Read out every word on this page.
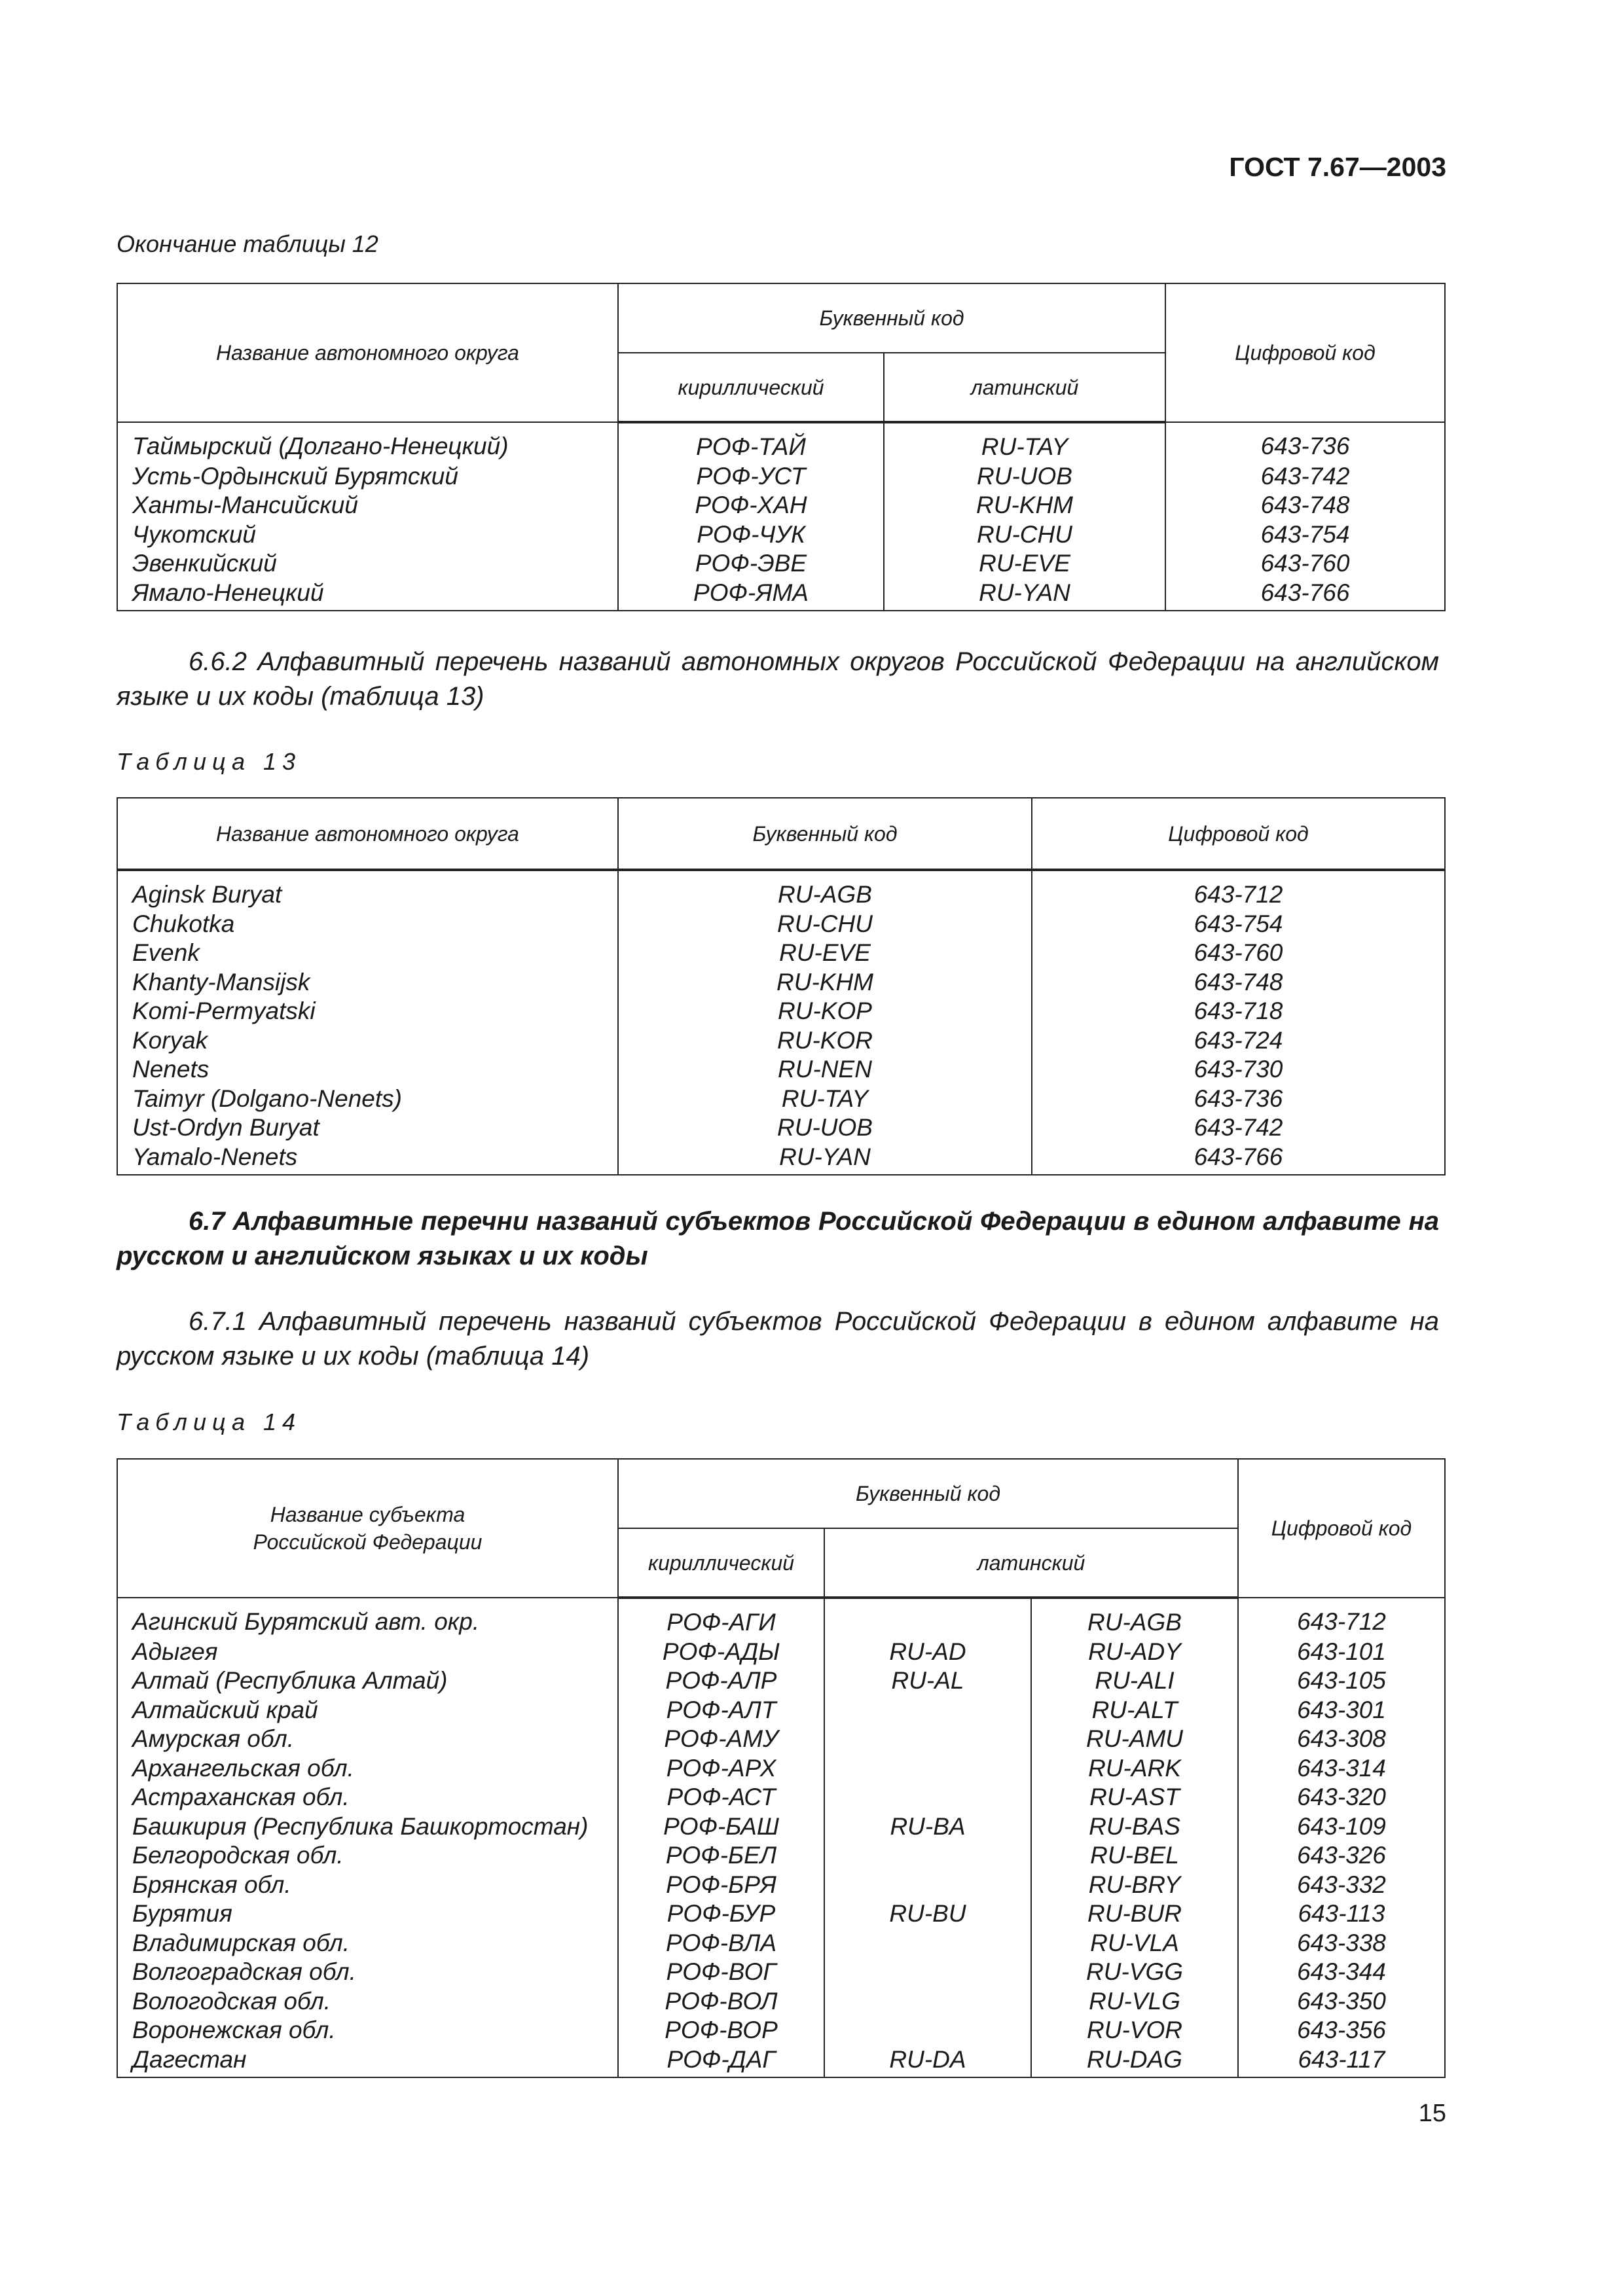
ГОСТ 7.67—2003
Окончание таблицы 12
Название автономного округа	Буквенный код		Цифровой код
	кириллический	латинский	
Таймырский (Долгано-Ненецкий)	РОФ-ТАЙ	RU-TAY	643-736
Усть-Ордынский Бурятский	РОФ-УСТ	RU-UOB	643-742
Ханты-Мансийский	РОФ-ХАН	RU-KHM	643-748
Чукотский	РОФ-ЧУК	RU-CHU	643-754
Эвенкийский	РОФ-ЭВЕ	RU-EVE	643-760
Ямало-Ненецкий	РОФ-ЯМА	RU-YAN	643-766
6.6.2 Алфавитный перечень названий автономных округов Российской Федерации на английском языке и их коды (таблица 13)
Таблица 13
Название автономного округа	Буквенный код	Цифровой код
Aginsk Buryat	RU-AGB	643-712
Chukotka	RU-CHU	643-754
Evenk	RU-EVE	643-760
Khanty-Mansijsk	RU-KHM	643-748
Komi-Permyatski	RU-KOP	643-718
Koryak	RU-KOR	643-724
Nenets	RU-NEN	643-730
Taimyr (Dolgano-Nenets)	RU-TAY	643-736
Ust-Ordyn Buryat	RU-UOB	643-742
Yamalo-Nenets	RU-YAN	643-766
6.7 Алфавитные перечни названий субъектов Российской Федерации в едином алфавите на русском и английском языках и их коды
6.7.1 Алфавитный перечень названий субъектов Российской Федерации в едином алфавите на русском языке и их коды (таблица 14)
Таблица 14
Название субъекта Российской Федерации	Буквенный код			Цифровой код
	кириллический	латинский		
Агинский Бурятский авт. окр.	РОФ-АГИ		RU-AGB	643-712
Адыгея	РОФ-АДЫ	RU-AD	RU-ADY	643-101
Алтай (Республика Алтай)	РОФ-АЛР	RU-AL	RU-ALI	643-105
Алтайский край	РОФ-АЛТ		RU-ALT	643-301
Амурская обл.	РОФ-АМУ		RU-AMU	643-308
Архангельская обл.	РОФ-АРХ		RU-ARK	643-314
Астраханская обл.	РОФ-АСТ		RU-AST	643-320
Башкирия (Республика Башкортостан)	РОФ-БАШ	RU-BA	RU-BAS	643-109
Белгородская обл.	РОФ-БЕЛ		RU-BEL	643-326
Брянская обл.	РОФ-БРЯ		RU-BRY	643-332
Бурятия	РОФ-БУР	RU-BU	RU-BUR	643-113
Владимирская обл.	РОФ-ВЛА		RU-VLA	643-338
Волгоградская обл.	РОФ-ВОГ		RU-VGG	643-344
Вологодская обл.	РОФ-ВОЛ		RU-VLG	643-350
Воронежская обл.	РОФ-ВОР		RU-VOR	643-356
Дагестан	РОФ-ДАГ	RU-DA	RU-DAG	643-117
15
